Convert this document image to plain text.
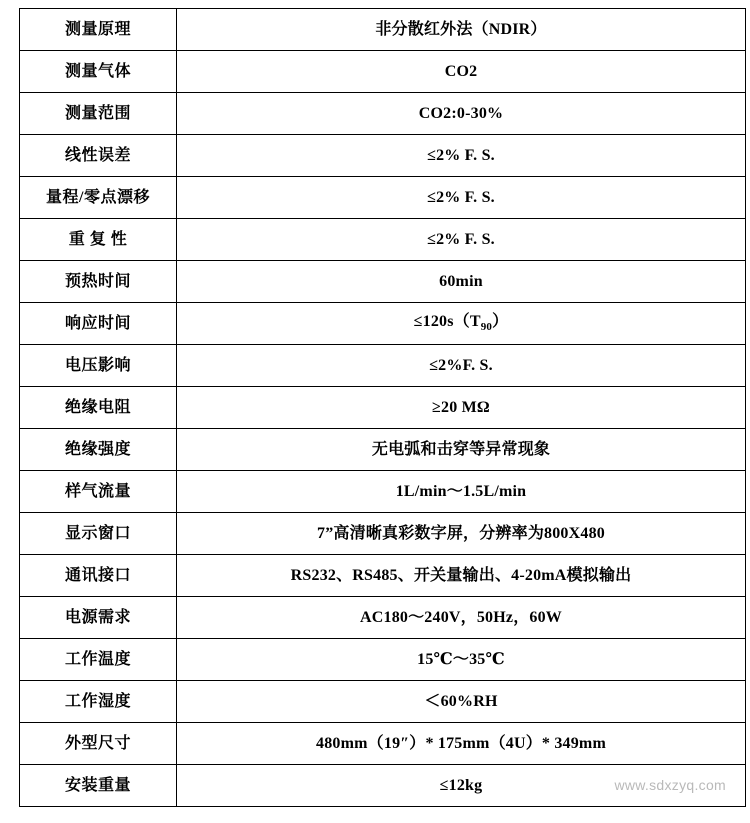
测量原理	非分散红外法（NDIR）
测量气体	CO2
测量范围	CO2:0-30%
线性误差	≤2% F. S.
量程/零点漂移	≤2% F. S.
重 复 性	≤2% F. S.
预热时间	60min
响应时间	$\le 120s(T_{90})$
电压影响	≤2%F. S.
绝缘电阻	≥20 MΩ
绝缘强度	无电弧和击穿等异常现象
样气流量	1L/min～1.5L/min
显示窗口	7”高清晰真彩数字屏，分辨率为800X480
通讯接口	RS232、RS485、开关量输出、4-20mA模拟输出
电源需求	AC180～240V，50Hz，60W
工作温度	15℃～35℃
工作湿度	＜60%RH
外型尺寸	480mm（19″）* 175mm（4U）* 349mm
安装重量	≤12kg	www.sdxzyq.com
